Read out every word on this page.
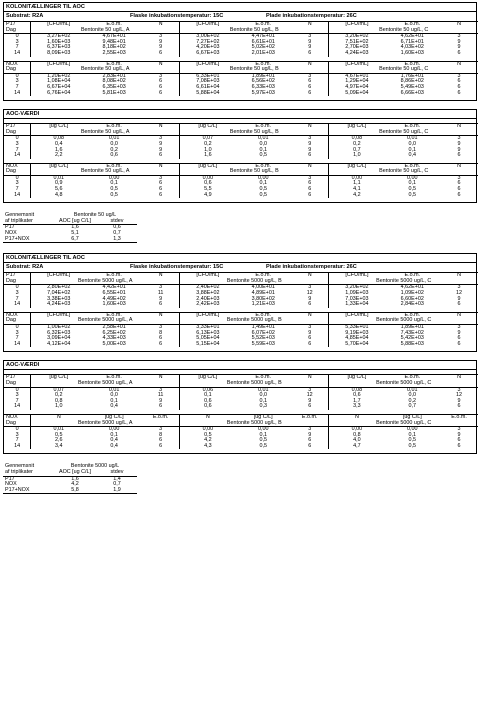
KOLONITÆLLINGER TIL AOC
Substrat: R2A	Flaske inkubationstemperatur: 15C	Plade inkubationstemperatur: 26C
P17	[CFU/mL]	E.o.m.	N	[CFU/mL]	E.o.m.	N	[CFU/mL]	E.o.m.	N
Dag	Bentonite 50 ug/L, A			Bentonite 50 ug/L, B			Bentonite 50 ug/L, C		
0	3,27E+02	4,67E+01	3	3,00E+02	4,47E+01	3	3,20E+02	4,62E+01	3
3	1,60E+03	9,48E+01	9	7,27E+02	6,61E+01	9	7,51E+02	6,71E+01	9
7	6,37E+03	8,18E+02	9	4,20E+03	5,02E+02	9	2,70E+03	4,03E+02	9
14	8,09E+03	2,55E+03	6	6,67E+03	2,01E+03	6	4,24E+03	1,60E+03	6
NOX	[CFU/mL]	E.o.m.	N	[CFU/mL]	E.o.m.	N	[CFU/mL]	E.o.m.	N
Dag	Bentonite 50 ug/L, A			Bentonite 50 ug/L, B			Bentonite 50 ug/L, C		
0	1,20E+02	2,83E+01	3	6,33E+01	1,89E+01	3	4,67E+01	1,76E+01	3
3	1,08E+04	8,08E+02	6	7,08E+03	6,56E+02	6	1,29E+04	8,86E+02	6
7	6,67E+04	6,35E+03	6	6,61E+04	6,33E+03	6	4,97E+04	5,49E+03	6
14	6,76E+04	5,81E+03	6	5,88E+04	5,97E+03	6	5,09E+04	6,66E+03	6
AOC-VÆRDI
P17	[ug C/L]	E.o.m.	N	[ug C/L]	E.o.m.	N	[ug C/L]	E.o.m.	N
Dag	Bentonite 50 ug/L, A			Bentonite 50 ug/L, B			Bentonite 50 ug/L, C		
0	0,08	0,01	3	0,07	0,01	3	0,08	0,01	3
3	0,4	0,0	9	0,2	0,0	9	0,2	0,0	9
7	1,6	0,2	9	1,0	0,1	9	0,7	0,1	9
14	2,2	0,6	6	1,6	0,5	6	1,0	0,4	6
NOX	[ug C/L]	E.o.m.	N	[ug C/L]	E.o.m.	N	[ug C/L]	E.o.m.	N
Dag	Bentonite 50 ug/L, A			Bentonite 50 ug/L, B			Bentonite 50 ug/L, C		
0	0,01	0,00	3	0,00	0,00	3	0,00	0,00	3
3	0,9	0,1	6	0,6	0,1	6	1,1	0,1	6
7	5,6	0,5	6	5,5	0,5	6	4,1	0,5	6
14	4,8	0,5	6	4,9	0,5	6	4,2	0,5	6
Gennemsnit	Bentonite 50 ug/L	
af triplikater	AOC [ug C/L]	stdev
P17	1,6	0,6
NOX	5,1	0,7
P17+NOX	6,7	1,3
KOLONITÆLLINGER TIL AOC
Substrat: R2A	Flaske inkubationstemperatur: 15C	Plade inkubationstemperatur: 26C
P17	[CFU/mL]	E.o.m.	N	[CFU/mL]	E.o.m.	N	[CFU/mL]	E.o.m.	N
Dag	Bentonite 5000 ug/L, A			Bentonite 5000 ug/L, B			Bentonite 5000 ug/L, C		
0	2,80E+02	4,42E+01	3	2,40E+02	4,00E+01	3	3,20E+02	4,62E+01	3
3	7,04E+02	6,55E+01	11	3,88E+02	4,89E+01	12	1,09E+03	1,09E+02	12
7	3,38E+03	4,49E+02	9	2,40E+03	3,80E+02	9	7,03E+03	6,60E+02	9
14	4,24E+03	1,60E+03	6	2,42E+03	1,21E+03	6	1,33E+04	2,84E+03	6
NOX	[CFU/mL]	E.o.m.	N	[CFU/mL]	E.o.m.	N	[CFU/mL]	E.o.m.	N
Dag	Bentonite 5000 ug/L, A			Bentonite 5000 ug/L, B			Bentonite 5000 ug/L, C		
0	1,00E+02	2,58E+01	3	3,33E+01	1,49E+01	3	5,33E+01	1,89E+01	3
3	6,32E+03	6,25E+02	8	6,13E+03	6,07E+02	9	9,19E+03	7,43E+02	9
7	3,09E+04	4,33E+03	6	5,05E+04	5,52E+03	6	4,85E+04	5,42E+03	6
14	4,12E+04	5,00E+03	6	5,15E+04	5,59E+03	6	5,70E+04	5,88E+03	6
AOC-VÆRDI
P17	[ug C/L]	E.o.m.	N	[ug C/L]	E.o.m.	N	[ug C/L]	E.o.m.	N
Dag	Bentonite 5000 ug/L, A			Bentonite 5000 ug/L, B			Bentonite 5000 ug/L, C		
0	0,07	0,01	3	0,06	0,01	3	0,08	0,01	3
3	0,2	0,0	11	0,1	0,0	12	0,6	0,0	12
7	0,8	0,1	9	0,6	0,1	9	1,7	0,2	9
14	1,0	0,4	6	0,6	0,3	6	3,3	0,7	6
NOX	N	[ug C/L]	E.o.m.	N	[ug C/L]	E.o.m.	N	[ug C/L]	E.o.m.
Dag	Bentonite 5000 ug/L, A			Bentonite 5000 ug/L, B			Bentonite 5000 ug/L, C		
0	0,01	0,00	3	0,00	0,00	3	0,00	0,00	3
3	0,5	0,1	8	0,5	0,1	9	0,8	0,1	9
7	2,6	0,4	6	4,2	0,5	6	4,0	0,5	6
14	3,4	0,4	6	4,3	0,5	6	4,7	0,5	6
Gennemsnit	Bentonite 5000 ug/L	
af triplikater	AOC [ug C/L]	stdev
P17	1,6	1,4
NOX	4,2	0,7
P17+NOX	5,8	1,9
